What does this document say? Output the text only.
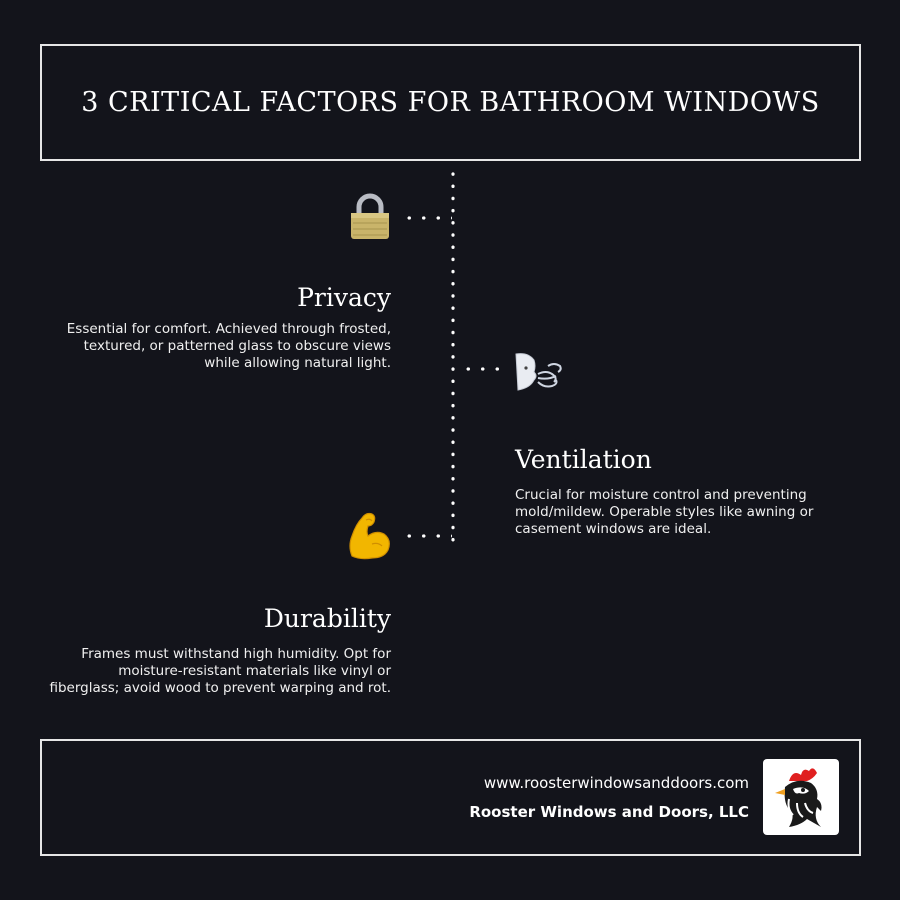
3 CRITICAL FACTORS FOR BATHROOM WINDOWS
Privacy
Essential for comfort. Achieved through frosted, textured, or patterned glass to obscure views while allowing natural light.
Ventilation
Crucial for moisture control and preventing mold/mildew. Operable styles like awning or casement windows are ideal.
Durability
Frames must withstand high humidity. Opt for moisture-resistant materials like vinyl or fiberglass; avoid wood to prevent warping and rot.
www.roosterwindowsanddoors.com
Rooster Windows and Doors, LLC
